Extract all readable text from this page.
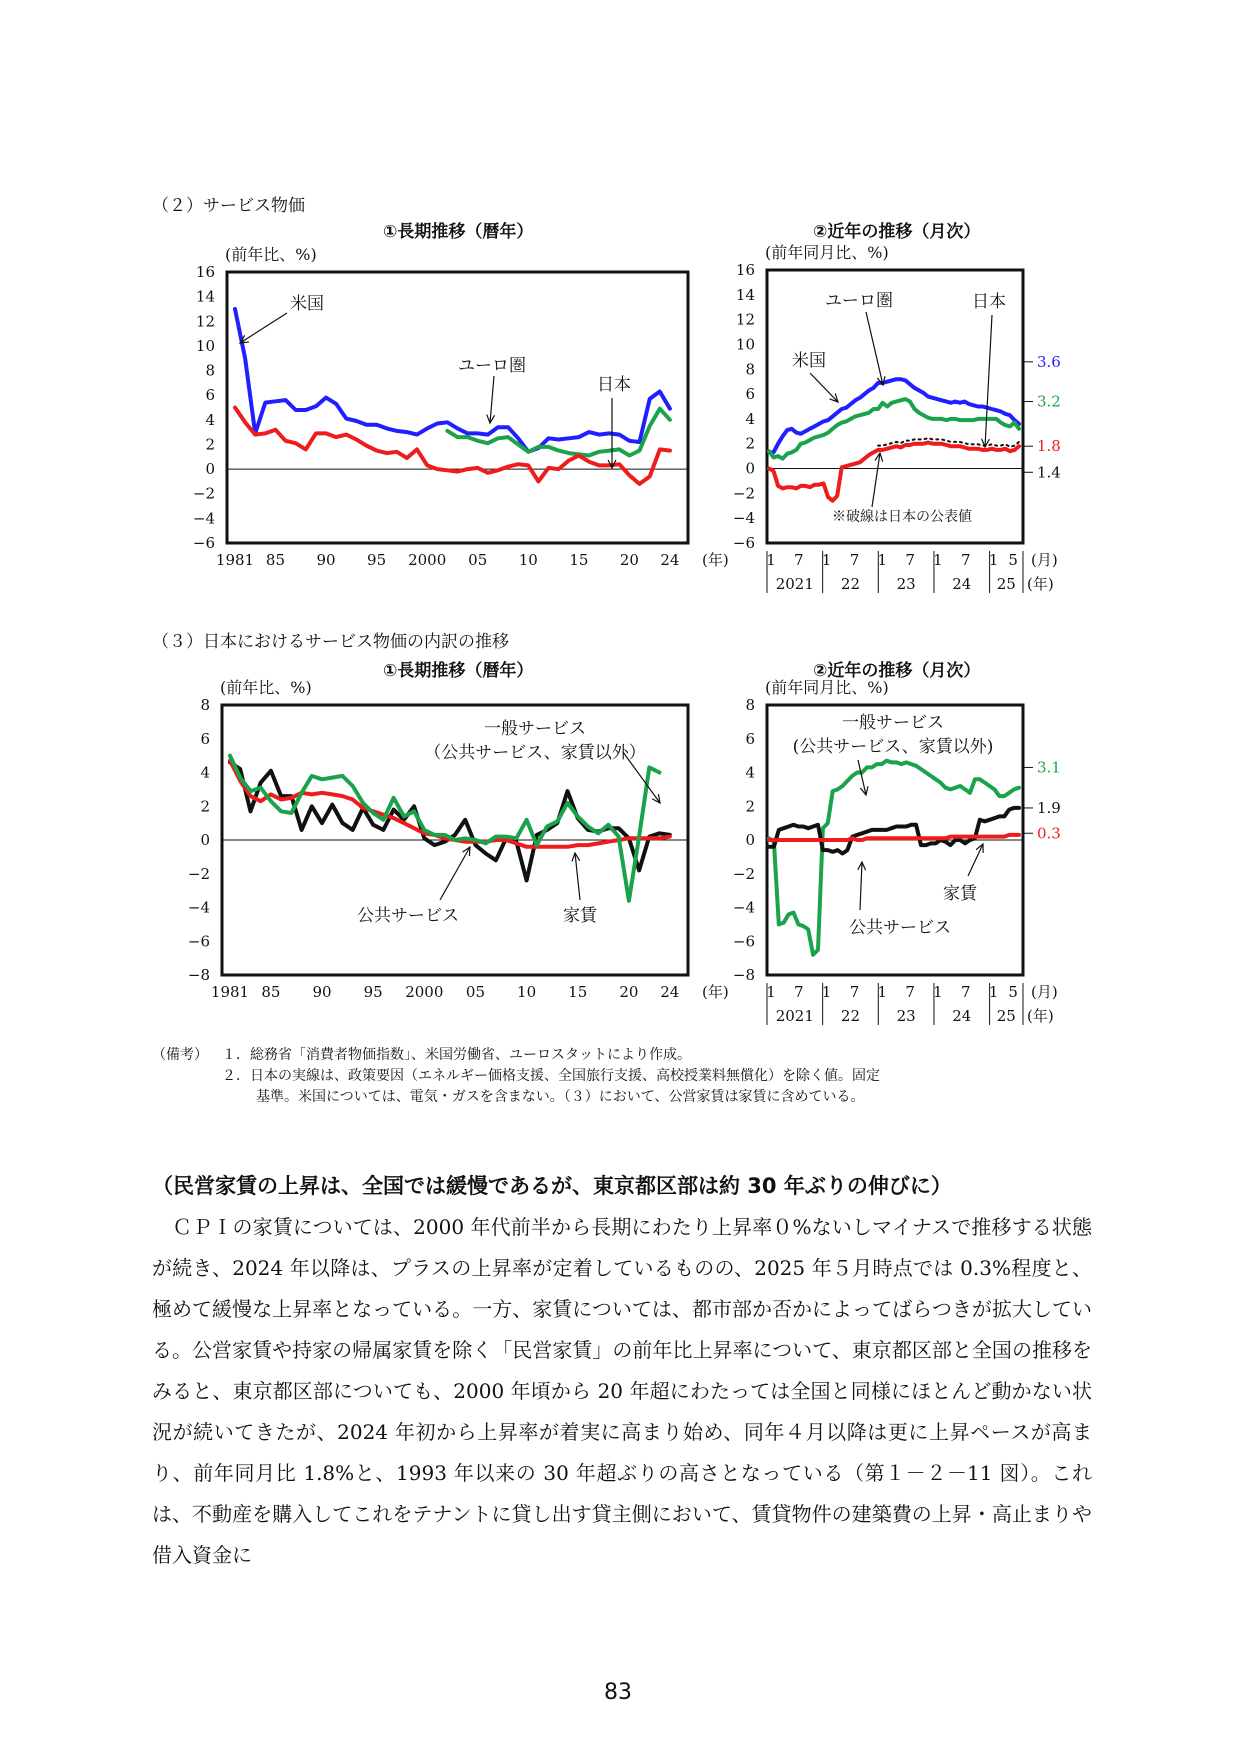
（２）サービス物価
①長期推移（暦年）	②近年の推移（月次）
（３）日本におけるサービス物価の内訳の推移
①長期推移（暦年）	②近年の推移（月次）
16
14
12
10
8
6
4
2
0
−2
−4
−6
(前年比、%)
1981 85 90 95 2000 05 10 15 20 24 (年)
米国
ユーロ圏
日本
16
14
12
10
8
6
4
2
0
−2
−4
−6
(前年同月比、%)
1 7 1 7 1 7 1 7 1 5 (月)
2021 22 23 24 25 (年)
3.6
3.2
1.8
1.4
ユーロ圏	日本
米国
※破線は日本の公表値
8
6
4
2
0
−2
−4
−6
−8
(前年比、%)
1981 85 90 95 2000 05 10 15 20 24 (年)
一般サービス
（公共サービス、家賃以外）
公共サービス	家賃
8
6
4
2
0
−2
−4
−6
−8
(前年同月比、%)
1 7 1 7 1 7 1 7 1 5 (月)
2021 22 23 24 25 (年)
3.1
1.9
0.3
一般サービス
(公共サービス、家賃以外)
家賃
公共サービス
（備考） １．総務省「消費者物価指数」、米国労働省、ユーロスタットにより作成。
２．日本の実線は、政策要因（エネルギー価格支援、全国旅行支援、高校授業料無償化）を除く値。固定
基準。米国については、電気・ガスを含まない。（３）において、公営家賃は家賃に含めている。
（民営家賃の上昇は、全国では緩慢であるが、東京都区部は約 30 年ぶりの伸びに）
　ＣＰＩの家賃については、2000 年代前半から長期にわたり上昇率０%ないしマイナスで推移する状態が続き、2024 年以降は、プラスの上昇率が定着しているものの、2025 年５月時点では 0.3%程度と、極めて緩慢な上昇率となっている。一方、家賃については、都市部か否かによってばらつきが拡大している。公営家賃や持家の帰属家賃を除く「民営家賃」の前年比上昇率について、東京都区部と全国の推移をみると、東京都区部についても、2000 年頃から 20 年超にわたっては全国と同様にほとんど動かない状況が続いてきたが、2024 年初から上昇率が着実に高まり始め、同年４月以降は更に上昇ペースが高まり、前年同月比 1.8%と、1993 年以来の 30 年超ぶりの高さとなっている（第１－２－11 図）。これは、不動産を購入してこれをテナントに貸し出す貸主側において、賃貸物件の建築費の上昇・高止まりや借入資金に
83
